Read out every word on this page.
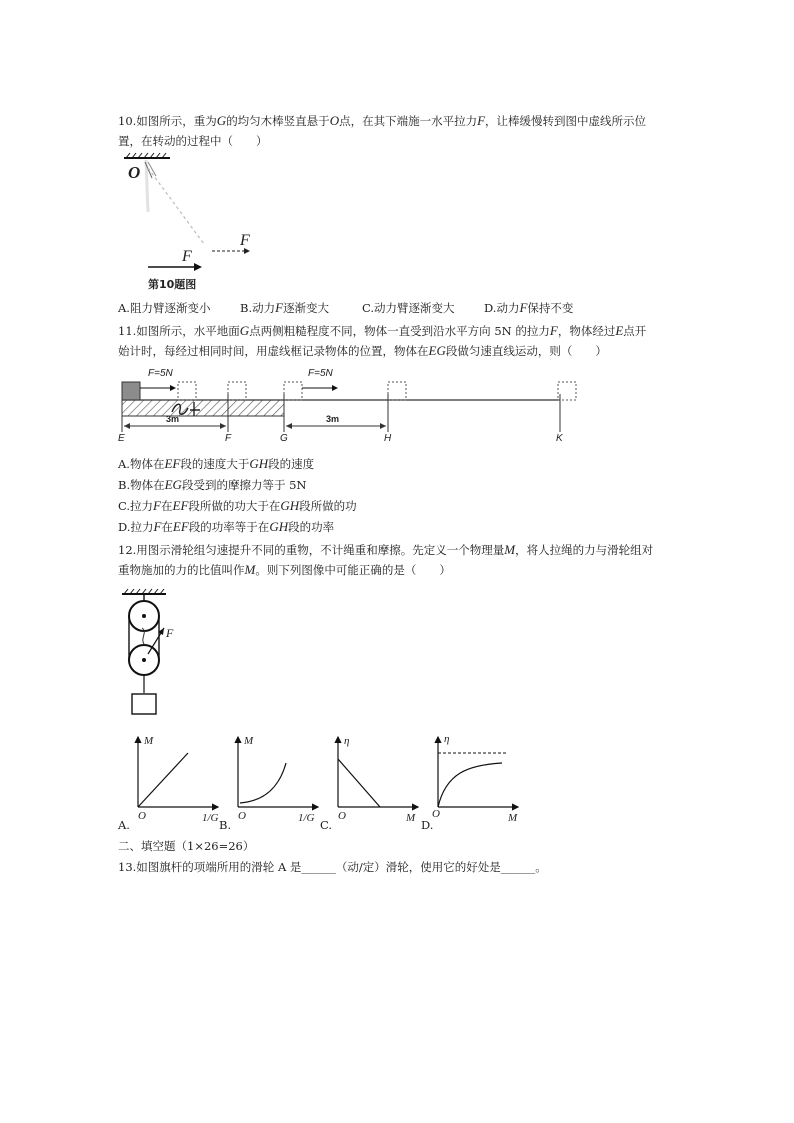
10.如图所示，重为G的均匀木棒竖直悬于O点，在其下端施一水平拉力F，让棒缓慢转到图中虚线所示位
置，在转动的过程中（　　）
O
F
F
第10题图
A.阻力臂逐渐变小	B.动力F逐渐变大	C.动力臂逐渐变大	D.动力F保持不变
11.如图所示，水平地面G点两侧粗糙程度不同，物体一直受到沿水平方向 5N 的拉力F，物体经过E点开
始计时，每经过相同时间，用虚线框记录物体的位置，物体在EG段做匀速直线运动，则（　　）
F=5N	F=5N
E	F	G	H	K
3m	3m
A.物体在EF段的速度大于GH段的速度
B.物体在EG段受到的摩擦力等于 5N
C.拉力F在EF段所做的功大于在GH段所做的功
D.拉力F在EF段的功率等于在GH段的功率
12.用图示滑轮组匀速提升不同的重物，不计绳重和摩擦。先定义一个物理量M，将人拉绳的力与滑轮组对
重物施加的力的比值叫作M。则下列图像中可能正确的是（　　）
F
M
O	1/G
A.
M
O	1/G
B.
η
O	M
C.
η
O	M
D.
二、填空题（1×26=26）
13.如图旗杆的项端所用的滑轮 A 是______（动/定）滑轮，使用它的好处是______。
